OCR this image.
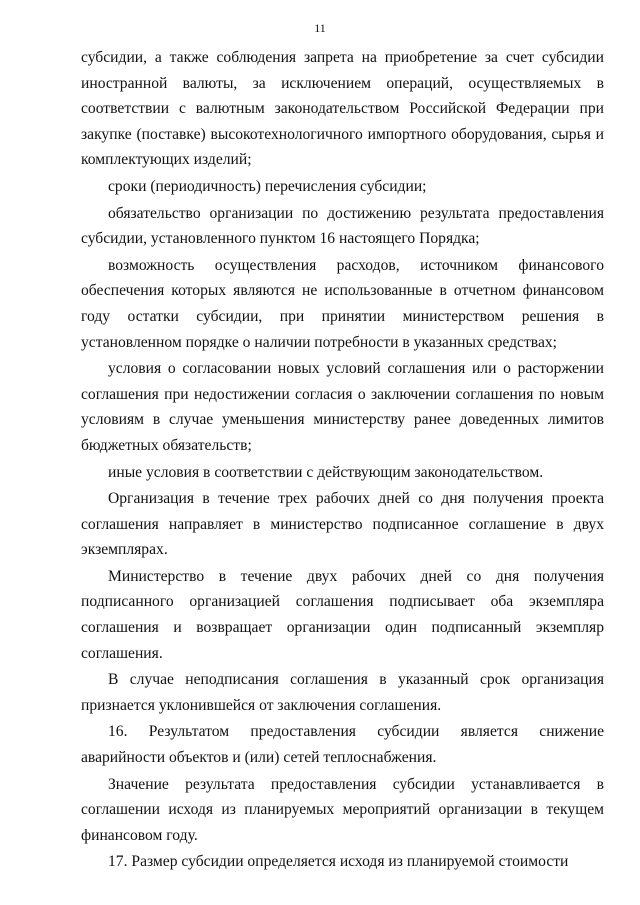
11

субсидии, а также соблюдения запрета на приобретение за счет субсидии иностранной валюты, за исключением операций, осуществляемых в соответствии с валютным законодательством Российской Федерации при закупке (поставке) высокотехнологичного импортного оборудования, сырья и комплектующих изделий;

сроки (периодичность) перечисления субсидии;

обязательство организации по достижению результата предоставления субсидии, установленного пунктом 16 настоящего Порядка;

возможность осуществления расходов, источником финансового обеспечения которых являются не использованные в отчетном финансовом году остатки субсидии, при принятии министерством решения в установленном порядке о наличии потребности в указанных средствах;

условия о согласовании новых условий соглашения или о расторжении соглашения при недостижении согласия о заключении соглашения по новым условиям в случае уменьшения министерству ранее доведенных лимитов бюджетных обязательств;

иные условия в соответствии с действующим законодательством.

Организация в течение трех рабочих дней со дня получения проекта соглашения направляет в министерство подписанное соглашение в двух экземплярах.

Министерство в течение двух рабочих дней со дня получения подписанного организацией соглашения подписывает оба экземпляра соглашения и возвращает организации один подписанный экземпляр соглашения.

В случае неподписания соглашения в указанный срок организация признается уклонившейся от заключения соглашения.

16. Результатом предоставления субсидии является снижение аварийности объектов и (или) сетей теплоснабжения.

Значение результата предоставления субсидии устанавливается в соглашении исходя из планируемых мероприятий организации в текущем финансовом году.

17. Размер субсидии определяется исходя из планируемой стоимости
